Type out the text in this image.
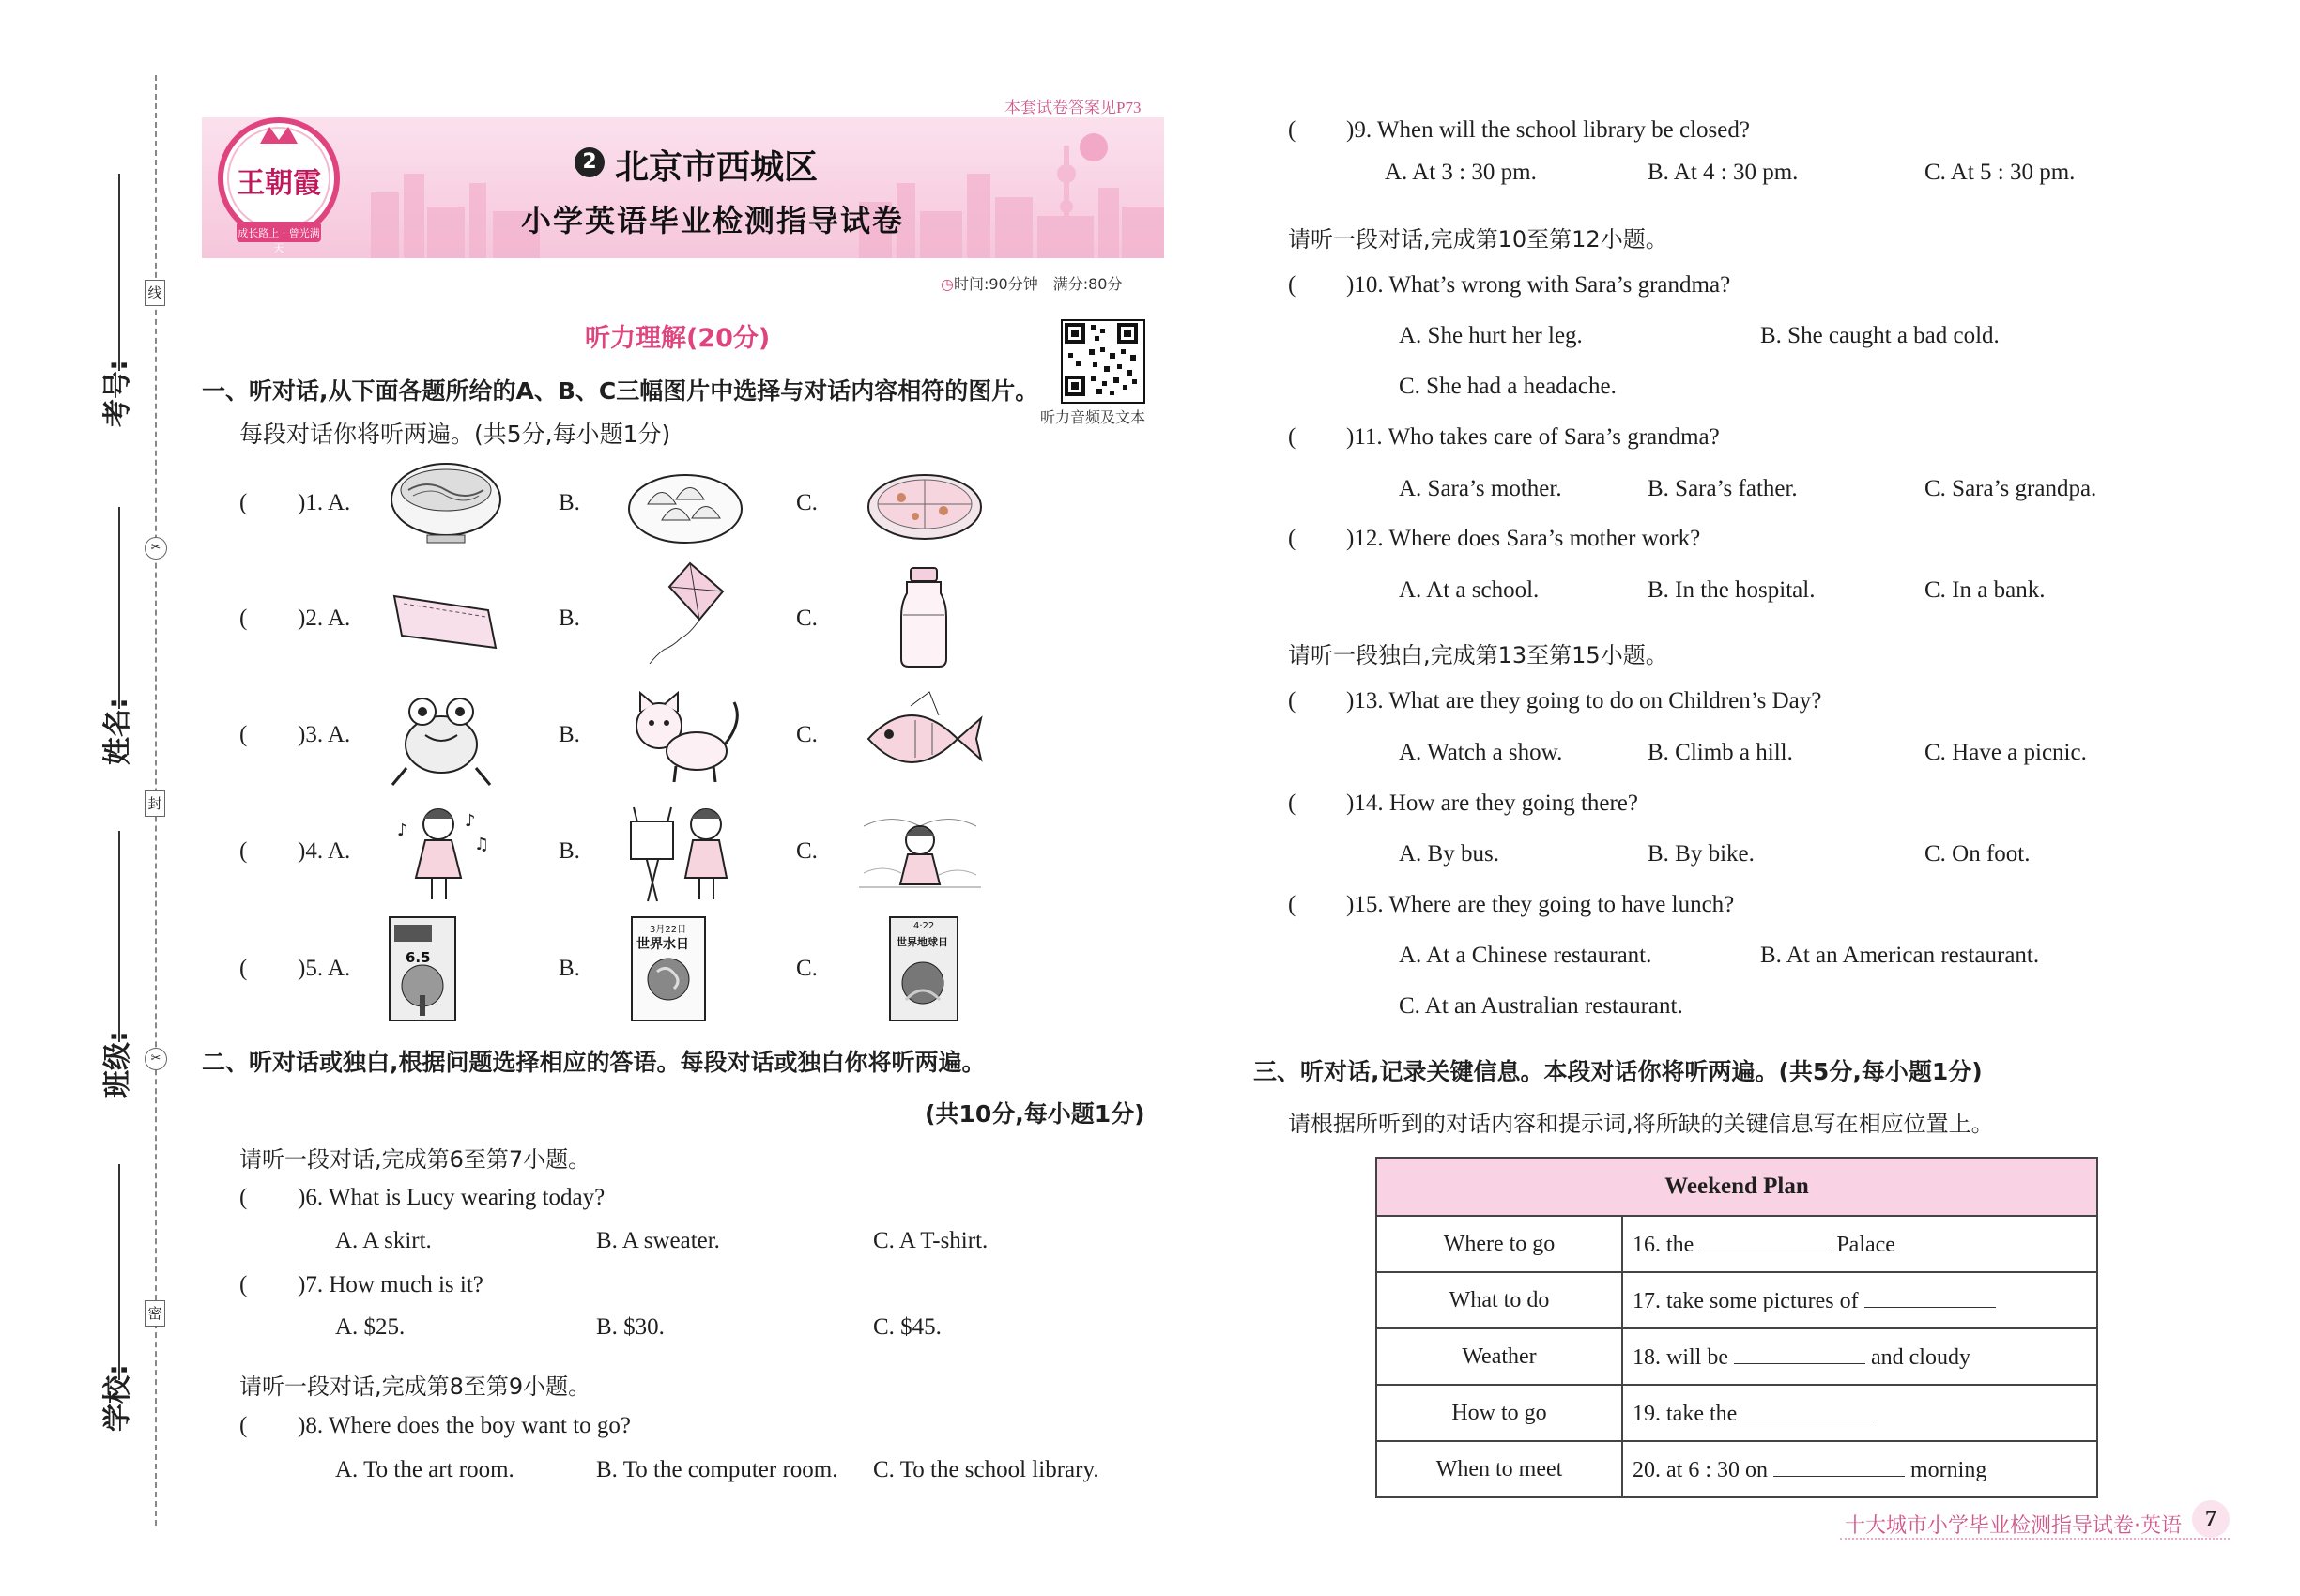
考号:
姓名:
班级:
学校:
线
✂
封
✂
密
本套试卷答案见P73
王朝霞
成长路上 · 曾光满天
2 北京市西城区
小学英语毕业检测指导试卷
◷时间:90分钟　满分:80分
听力理解(20分)
听力音频及文本
一、听对话,从下面各题所给的A、B、C三幅图片中选择与对话内容相符的图片。
每段对话你将听两遍。(共5分,每小题1分)
( )1. A.	B.	C.
( )2. A.	B.	C.
( )3. A.	B.	C.
( )4. A.
♪
♫
♪
B.	C.
( )5. A.	6.5	B.
3月22日
世界水日
C.
4·22
世界地球日
二、听对话或独白,根据问题选择相应的答语。每段对话或独白你将听两遍。
(共10分,每小题1分)
请听一段对话,完成第6至第7小题。
( )6. What is Lucy wearing today?
A. A skirt.	B. A sweater.	C. A T-shirt.
( )7. How much is it?
A. $25.	B. $30.	C. $45.
请听一段对话,完成第8至第9小题。
( )8. Where does the boy want to go?
A. To the art room.	B. To the computer room. C. To the school library.
( )9. When will the school library be closed?
A. At 3 : 30 pm.	B. At 4 : 30 pm.	C. At 5 : 30 pm.
请听一段对话,完成第10至第12小题。
( )10. What’s wrong with Sara’s grandma?
A. She hurt her leg.	B. She caught a bad cold.
C. She had a headache.
( )11. Who takes care of Sara’s grandma?
A. Sara’s mother.	B. Sara’s father.	C. Sara’s grandpa.
( )12. Where does Sara’s mother work?
A. At a school.	B. In the hospital.	C. In a bank.
请听一段独白,完成第13至第15小题。
( )13. What are they going to do on Children’s Day?
A. Watch a show.	B. Climb a hill.	C. Have a picnic.
( )14. How are they going there?
A. By bus.	B. By bike.	C. On foot.
( )15. Where are they going to have lunch?
A. At a Chinese restaurant.	B. At an American restaurant.
C. At an Australian restaurant.
三、听对话,记录关键信息。本段对话你将听两遍。(共5分,每小题1分)
请根据所听到的对话内容和提示词,将所缺的关键信息写在相应位置上。
Weekend Plan	
Where to go	16. the Palace
What to do	17. take some pictures of
Weather	18. will be and cloudy
How to go	19. take the
When to meet	20. at 6 : 30 on morning
十大城市小学毕业检测指导试卷·英语	7
